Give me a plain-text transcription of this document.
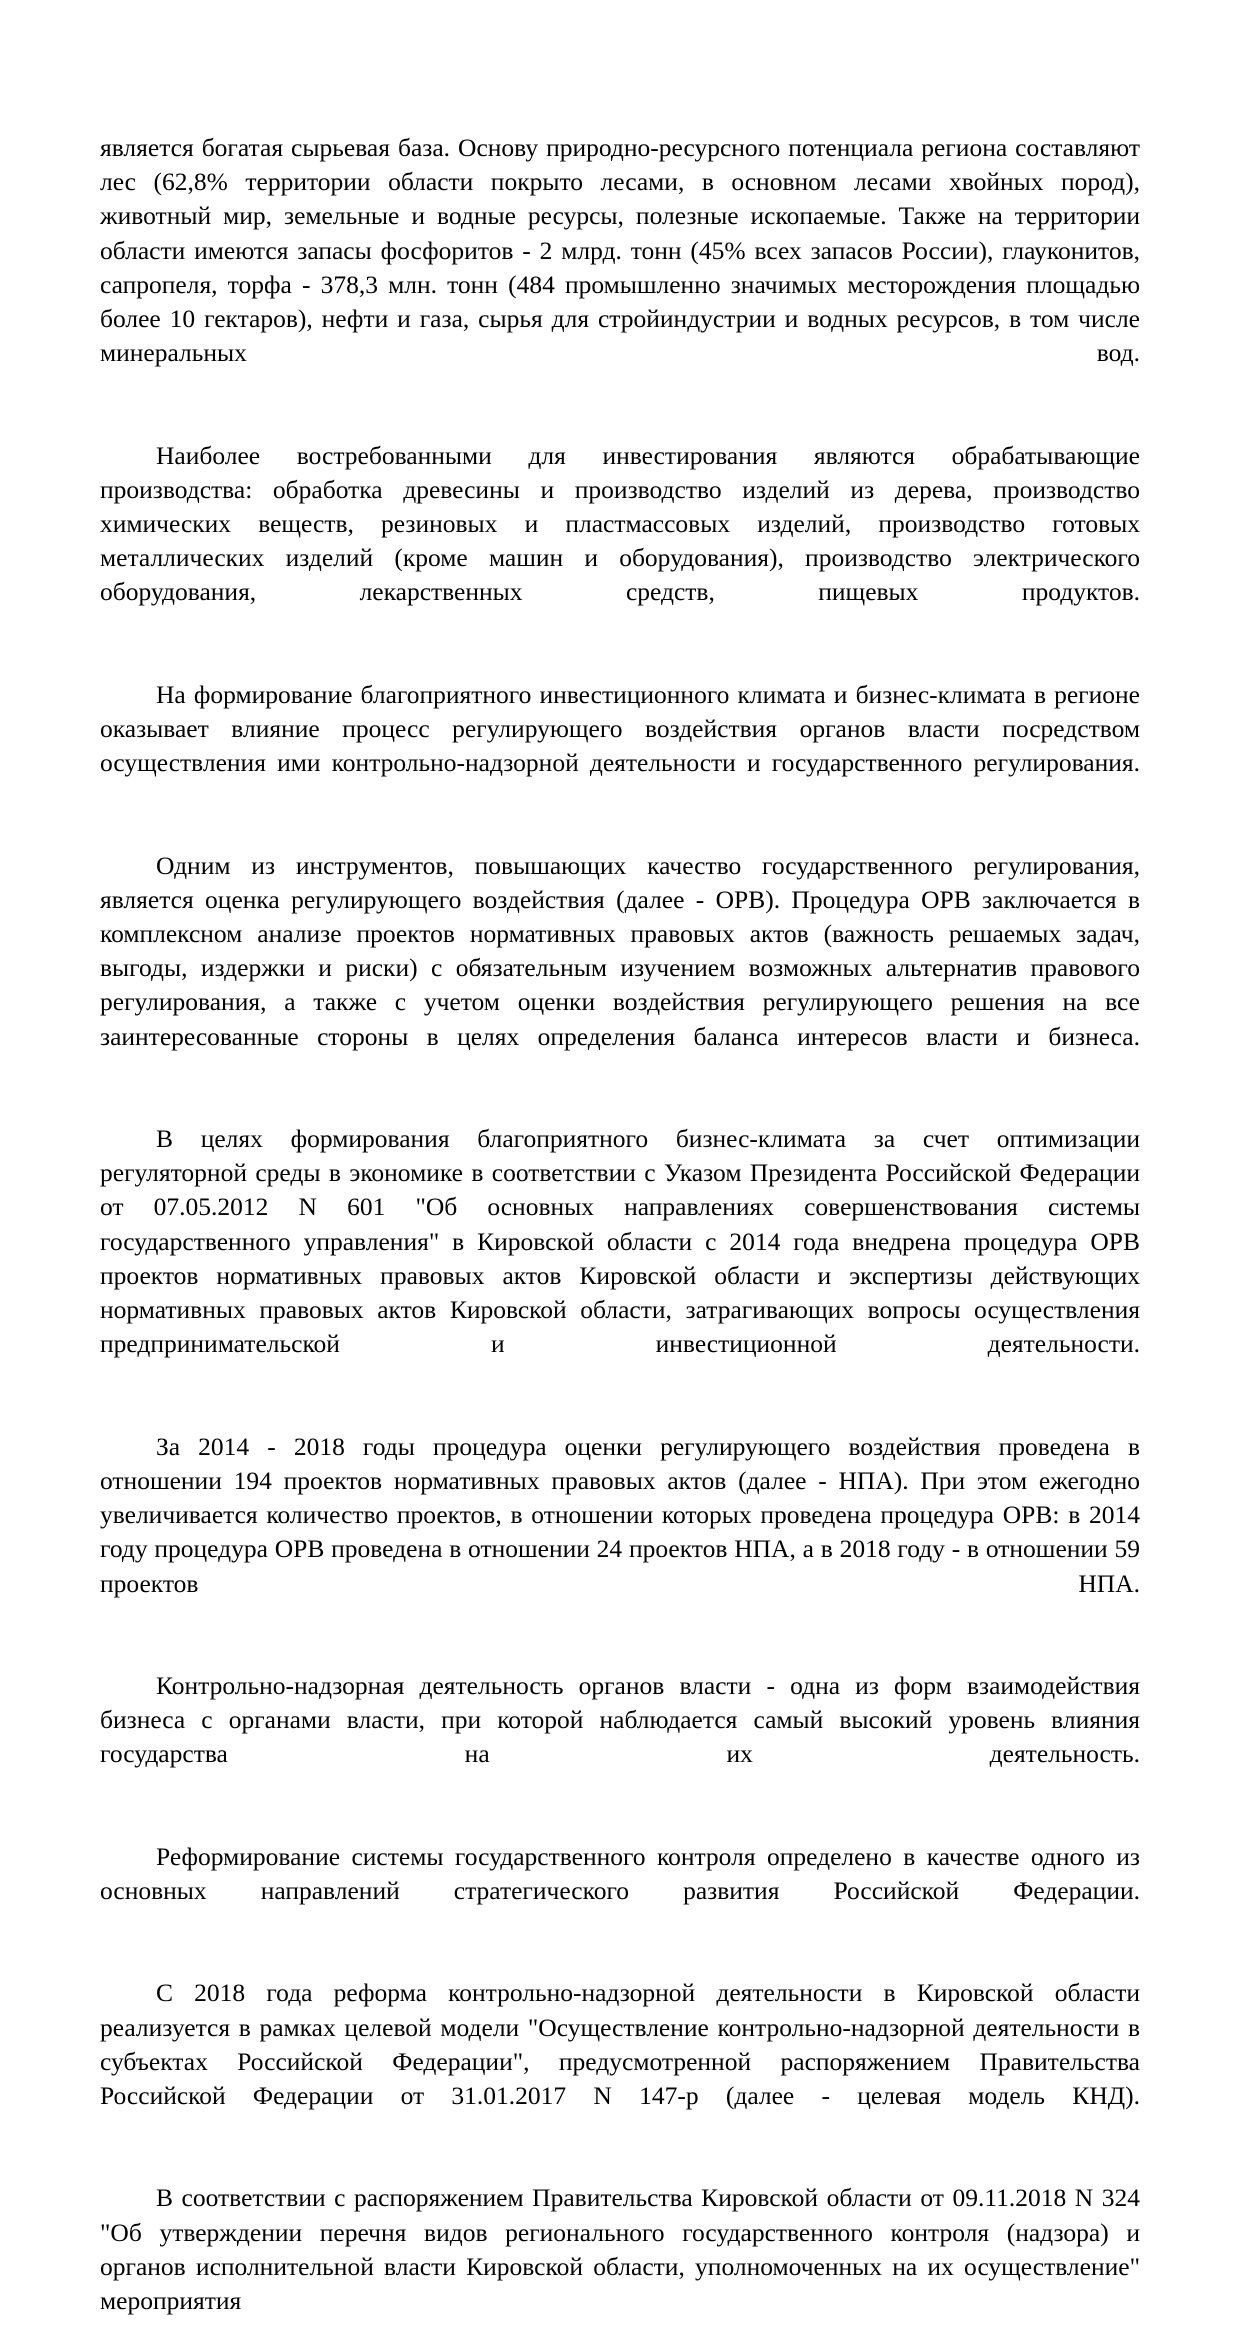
является богатая сырьевая база. Основу природно-ресурсного потенциала региона составляют лес (62,8% территории области покрыто лесами, в основном лесами хвойных пород), животный мир, земельные и водные ресурсы, полезные ископаемые. Также на территории области имеются запасы фосфоритов - 2 млрд. тонн (45% всех запасов России), глауконитов, сапропеля, торфа - 378,3 млн. тонн (484 промышленно значимых месторождения площадью более 10 гектаров), нефти и газа, сырья для стройиндустрии и водных ресурсов, в том числе минеральных вод.

Наиболее востребованными для инвестирования являются обрабатывающие производства: обработка древесины и производство изделий из дерева, производство химических веществ, резиновых и пластмассовых изделий, производство готовых металлических изделий (кроме машин и оборудования), производство электрического оборудования, лекарственных средств, пищевых продуктов.

На формирование благоприятного инвестиционного климата и бизнес-климата в регионе оказывает влияние процесс регулирующего воздействия органов власти посредством осуществления ими контрольно-надзорной деятельности и государственного регулирования.

Одним из инструментов, повышающих качество государственного регулирования, является оценка регулирующего воздействия (далее - ОРВ). Процедура ОРВ заключается в комплексном анализе проектов нормативных правовых актов (важность решаемых задач, выгоды, издержки и риски) с обязательным изучением возможных альтернатив правового регулирования, а также с учетом оценки воздействия регулирующего решения на все заинтересованные стороны в целях определения баланса интересов власти и бизнеса.

В целях формирования благоприятного бизнес-климата за счет оптимизации регуляторной среды в экономике в соответствии с Указом Президента Российской Федерации от 07.05.2012 N 601 "Об основных направлениях совершенствования системы государственного управления" в Кировской области с 2014 года внедрена процедура ОРВ проектов нормативных правовых актов Кировской области и экспертизы действующих нормативных правовых актов Кировской области, затрагивающих вопросы осуществления предпринимательской и инвестиционной деятельности.

За 2014 - 2018 годы процедура оценки регулирующего воздействия проведена в отношении 194 проектов нормативных правовых актов (далее - НПА). При этом ежегодно увеличивается количество проектов, в отношении которых проведена процедура ОРВ: в 2014 году процедура ОРВ проведена в отношении 24 проектов НПА, а в 2018 году - в отношении 59 проектов НПА.

Контрольно-надзорная деятельность органов власти - одна из форм взаимодействия бизнеса с органами власти, при которой наблюдается самый высокий уровень влияния государства на их деятельность.

Реформирование системы государственного контроля определено в качестве одного из основных направлений стратегического развития Российской Федерации.

С 2018 года реформа контрольно-надзорной деятельности в Кировской области реализуется в рамках целевой модели "Осуществление контрольно-надзорной деятельности в субъектах Российской Федерации", предусмотренной распоряжением Правительства Российской Федерации от 31.01.2017 N 147-р (далее - целевая модель КНД).

В соответствии с распоряжением Правительства Кировской области от 09.11.2018 N 324 "Об утверждении перечня видов регионального государственного контроля (надзора) и органов исполнительной власти Кировской области, уполномоченных на их осуществление" мероприятия
